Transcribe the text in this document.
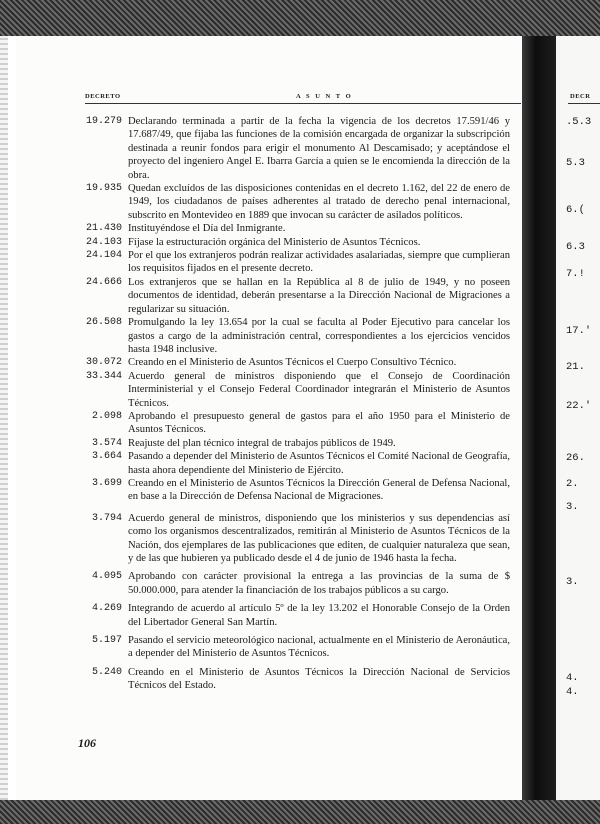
DECRETO	A S U N T O	DECR
19.279 Declarando terminada a partir de la fecha la vigencia de los decretos 17.591/46 y 17.687/49, que fijaba las funciones de la comisión encargada de organizar la subscripción destinada a reunir fondos para erigir el monumento Al Descamisado; y aceptándose el proyecto del ingeniero Angel E. Ibarra García a quien se le encomienda la dirección de la obra.
19.935 Quedan excluídos de las disposiciones contenidas en el decreto 1.162, del 22 de enero de 1949, los ciudadanos de países adherentes al tratado de derecho penal internacional, subscrito en Montevideo en 1889 que invocan su carácter de asilados políticos.
21.430 Instituyéndose el Día del Inmigrante.
24.103 Fíjase la estructuración orgánica del Ministerio de Asuntos Técnicos.
24.104 Por el que los extranjeros podrán realizar actividades asalariadas, siempre que cumplieran los requisitos fijados en el presente decreto.
24.666 Los extranjeros que se hallan en la República al 8 de julio de 1949, y no poseen documentos de identidad, deberán presentarse a la Dirección Nacional de Migraciones a regularizar su situación.
26.508 Promulgando la ley 13.654 por la cual se faculta al Poder Ejecutivo para cancelar los gastos a cargo de la administración central, correspondientes a los ejercicios vencidos hasta 1948 inclusive.
30.072 Creando en el Ministerio de Asuntos Técnicos el Cuerpo Consultivo Técnico.
33.344 Acuerdo general de ministros disponiendo que el Consejo de Coordinación Interministerial y el Consejo Federal Coordinador integrarán el Ministerio de Asuntos Técnicos.
2.098 Aprobando el presupuesto general de gastos para el año 1950 para el Ministerio de Asuntos Técnicos.
3.574 Reajuste del plan técnico integral de trabajos públicos de 1949.
3.664 Pasando a depender del Ministerio de Asuntos Técnicos el Comité Nacional de Geografía, hasta ahora dependiente del Ministerio de Ejército.
3.699 Creando en el Ministerio de Asuntos Técnicos la Dirección General de Defensa Nacional, en base a la Dirección de Defensa Nacional de Migraciones.
3.794 Acuerdo general de ministros, disponiendo que los ministerios y sus dependencias así como los organismos descentralizados, remitirán al Ministerio de Asuntos Técnicos de la Nación, dos ejemplares de las publicaciones que editen, de cualquier naturaleza que sean, y de las que hubieren ya publicado desde el 4 de junio de 1946 hasta la fecha.
4.095 Aprobando con carácter provisional la entrega a las provincias de la suma de $ 50.000.000, para atender la financiación de los trabajos públicos a su cargo.
4.269 Integrando de acuerdo al artículo 5º de la ley 13.202 el Honorable Consejo de la Orden del Libertador General San Martín.
5.197 Pasando el servicio meteorológico nacional, actualmente en el Ministerio de Aeronáutica, a depender del Ministerio de Asuntos Técnicos.
5.240 Creando en el Ministerio de Asuntos Técnicos la Dirección Nacional de Servicios Técnicos del Estado.
106
.5.3
5.3
6.(
6.3
7.!
17.'
21.
22.'
26.
2.
3.
3.
4.
4.
